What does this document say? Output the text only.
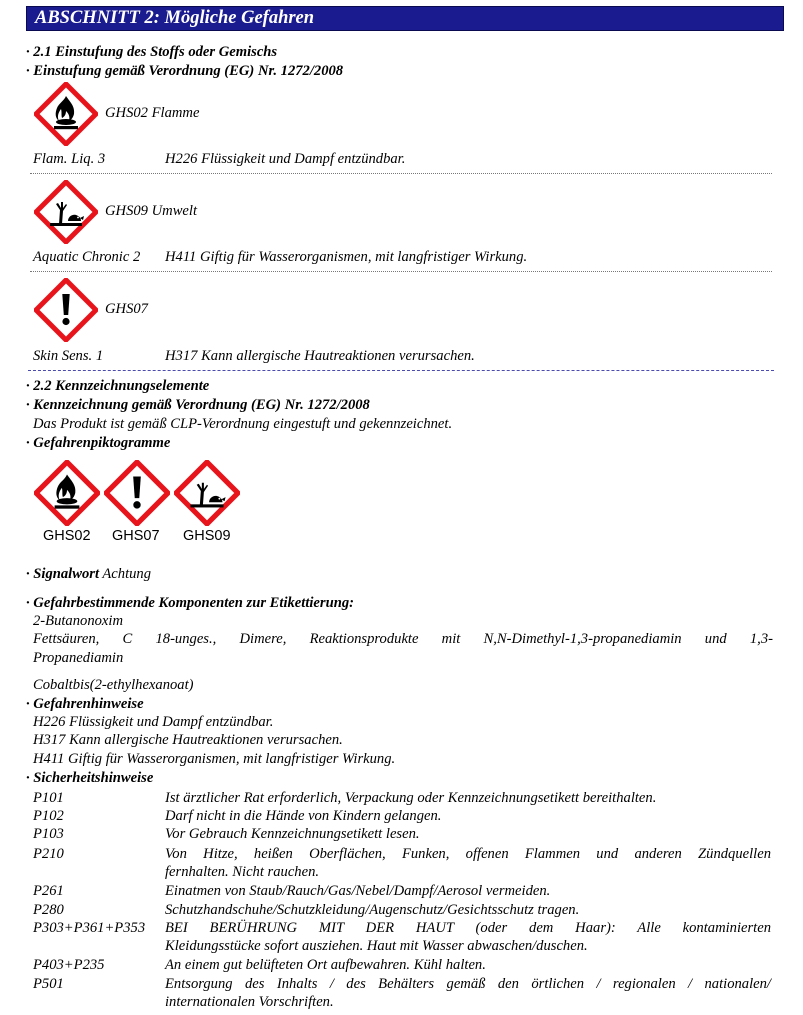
ABSCHNITT 2: Mögliche Gefahren
· 2.1 Einstufung des Stoffs oder Gemischs
· Einstufung gemäß Verordnung (EG) Nr. 1272/2008
GHS02 Flamme
Flam. Liq. 3	H226 Flüssigkeit und Dampf entzündbar.
GHS09 Umwelt
Aquatic Chronic 2 H411 Giftig für Wasserorganismen, mit langfristiger Wirkung.
GHS07
Skin Sens. 1	H317 Kann allergische Hautreaktionen verursachen.
· 2.2 Kennzeichnungselemente
· Kennzeichnung gemäß Verordnung (EG) Nr. 1272/2008
Das Produkt ist gemäß CLP-Verordnung eingestuft und gekennzeichnet.
· Gefahrenpiktogramme
GHS02 GHS07 GHS09
· Signalwort Achtung
· Gefahrbestimmende Komponenten zur Etikettierung:
2-Butanonoxim
Fettsäuren, C 18-unges., Dimere, Reaktionsprodukte mit N,N-Dimethyl-1,3-propanediamin und 1,3-
Propanediamin
Cobaltbis(2-ethylhexanoat)
· Gefahrenhinweise
H226 Flüssigkeit und Dampf entzündbar.
H317 Kann allergische Hautreaktionen verursachen.
H411 Giftig für Wasserorganismen, mit langfristiger Wirkung.
· Sicherheitshinweise
P101	Ist ärztlicher Rat erforderlich, Verpackung oder Kennzeichnungsetikett bereithalten.
P102	Darf nicht in die Hände von Kindern gelangen.
P103	Vor Gebrauch Kennzeichnungsetikett lesen.
P210	Von Hitze, heißen Oberflächen, Funken, offenen Flammen und anderen Zündquellen
fernhalten. Nicht rauchen.
P261	Einatmen von Staub/Rauch/Gas/Nebel/Dampf/Aerosol vermeiden.
P280	Schutzhandschuhe/Schutzkleidung/Augenschutz/Gesichtsschutz tragen.
P303+P361+P353 BEI BERÜHRUNG MIT DER HAUT (oder dem Haar): Alle kontaminierten
Kleidungsstücke sofort ausziehen. Haut mit Wasser abwaschen/duschen.
P403+P235	An einem gut belüfteten Ort aufbewahren. Kühl halten.
P501	Entsorgung des Inhalts / des Behälters gemäß den örtlichen / regionalen / nationalen/
internationalen Vorschriften.
